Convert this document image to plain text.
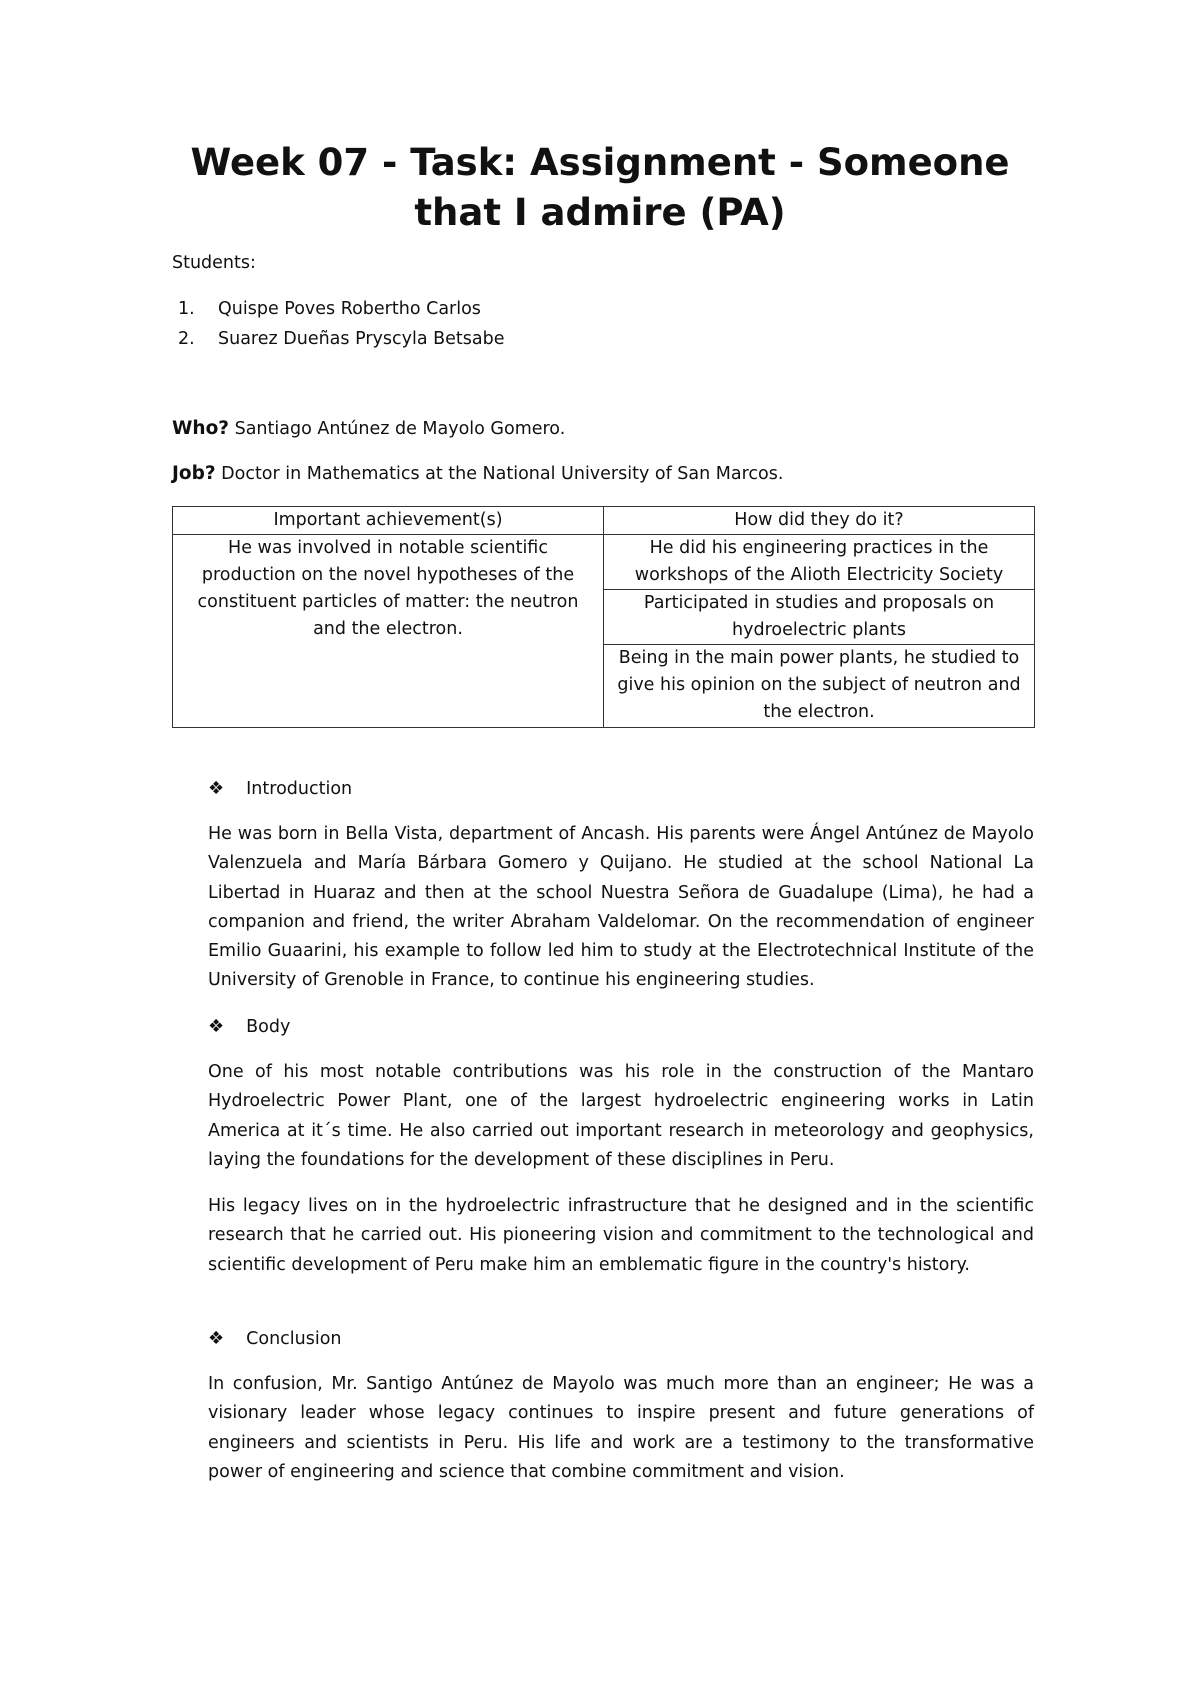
Week 07 - Task: Assignment - Someone that I admire (PA)
Students:
1. Quispe Poves Robertho Carlos
2. Suarez Dueñas Pryscyla Betsabe
Who? Santiago Antúnez de Mayolo Gomero.
Job? Doctor in Mathematics at the National University of San Marcos.
Important achievement(s)	How did they do it?
He was involved in notable scientific production on the novel hypotheses of the constituent particles of matter: the neutron and the electron.	He did his engineering practices in the workshops of the Alioth Electricity Society
	Participated in studies and proposals on hydroelectric plants
	Being in the main power plants, he studied to give his opinion on the subject of neutron and the electron.
❖ Introduction

He was born in Bella Vista, department of Ancash. His parents were Ángel Antúnez de Mayolo Valenzuela and María Bárbara Gomero y Quijano. He studied at the school National La Libertad in Huaraz and then at the school Nuestra Señora de Guadalupe (Lima), he had a companion and friend, the writer Abraham Valdelomar. On the recommendation of engineer Emilio Guaarini, his example to follow led him to study at the Electrotechnical Institute of the University of Grenoble in France, to continue his engineering studies.

❖ Body

One of his most notable contributions was his role in the construction of the Mantaro Hydroelectric Power Plant, one of the largest hydroelectric engineering works in Latin America at it´s time. He also carried out important research in meteorology and geophysics, laying the foundations for the development of these disciplines in Peru.

His legacy lives on in the hydroelectric infrastructure that he designed and in the scientific research that he carried out. His pioneering vision and commitment to the technological and scientific development of Peru make him an emblematic figure in the country's history.

❖ Conclusion

In confusion, Mr. Santigo Antúnez de Mayolo was much more than an engineer; He was a visionary leader whose legacy continues to inspire present and future generations of engineers and scientists in Peru. His life and work are a testimony to the transformative power of engineering and science that combine commitment and vision.
